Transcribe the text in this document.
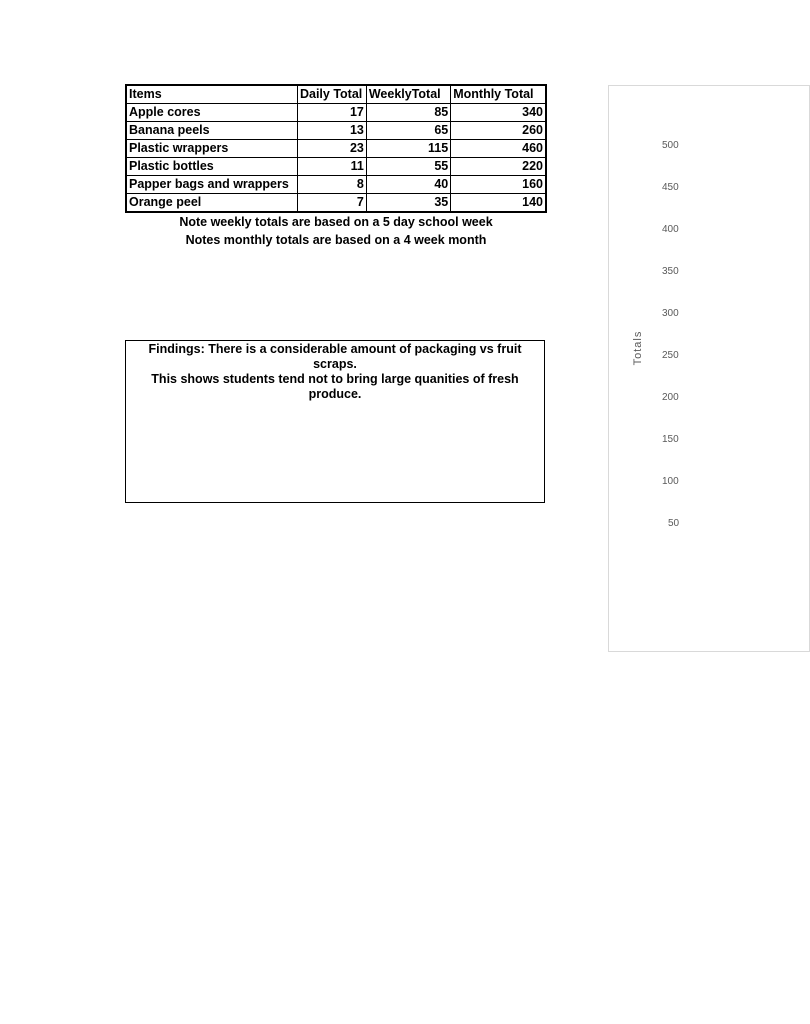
Items	Daily Total	WeeklyTotal	Monthly Total
Apple cores	17	85	340
Banana peels	13	65	260
Plastic wrappers	23	115	460
Plastic bottles	11	55	220
Papper bags and wrappers	8	40	160
Orange peel	7	35	140
Note weekly totals are based on a 5 day school week
Notes monthly totals are based on a 4 week month
Findings: There is a considerable amount of packaging vs fruit scraps.
This shows students tend not to bring large quanities of fresh produce.
Totals
500
450
400
350
300
250
200
150
100
50
